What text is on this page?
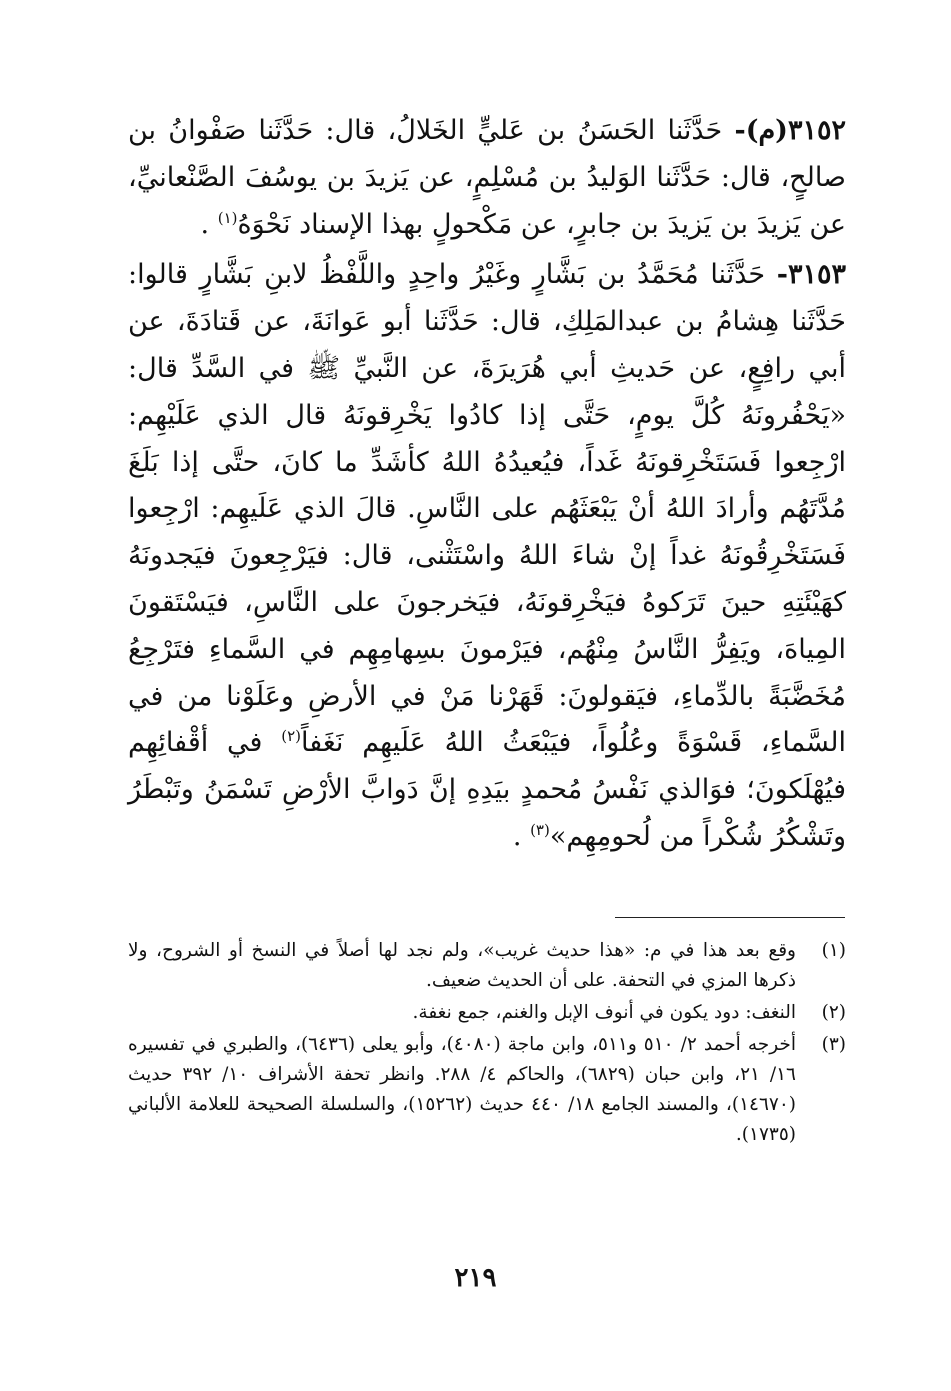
٣١٥٢(م)- حَدَّثَنا الحَسَنُ بن عَليٍّ الخَلالُ، قال: حَدَّثَنا صَفْوانُ بن صالحٍ، قال: حَدَّثَنا الوَليدُ بن مُسْلِمٍ، عن يَزيدَ بن يوسُفَ الصَّنْعانيِّ، عن يَزيدَ بن يَزيدَ بن جابرٍ، عن مَكْحولٍ بهذا الإسناد نَحْوَهُ$^{(١)}$ .

٣١٥٣- حَدَّثَنا مُحَمَّدُ بن بَشَّارٍ وغَيْرُ واحِدٍ واللَّفْظُ لابنِ بَشَّارٍ قالوا: حَدَّثَنا هِشامُ بن عبدالمَلِكِ، قال: حَدَّثَنا أبو عَوانَةَ، عن قَتادَةَ، عن أبي رافِعٍ، عن حَديثِ أبي هُرَيرَةَ، عن النَّبيِّ ﷺ في السَّدِّ قال: «يَحْفُرونَهُ كُلَّ يومٍ، حَتَّى إذا كادُوا يَخْرِقونَهُ قال الذي عَلَيْهِم: ارْجِعوا فَسَتَخْرِقونَهُ غَداً، فيُعيدُهُ اللهُ كأشَدِّ ما كانَ، حتَّى إذا بَلَغَ مُدَّتَهُم وأرادَ اللهُ أنْ يَبْعَثَهُم على النَّاسِ. قالَ الذي عَلَيهِم: ارْجِعوا فَسَتَخْرِقُونَهُ غداً إنْ شاءَ اللهُ واسْتَثْنى، قال: فيَرْجِعونَ فيَجدونَهُ كهَيْئَتِهِ حينَ تَرَكوهُ فيَخْرِقونَهُ، فيَخرجونَ على النَّاسِ، فيَسْتَقونَ المِياهَ، ويَفِرُّ النَّاسُ مِنْهُم، فيَرْمونَ بسِهامِهِم في السَّماءِ فتَرْجِعُ مُخَضَّبَةً بالدِّماءِ، فيَقولونَ: قَهَرْنا مَنْ في الأرضِ وعَلَوْنا من في السَّماءِ، قَسْوَةً وعُلُواً، فيَبْعَثُ اللهُ عَلَيهِم نَغَفاً$^{(٢)}$ في أقْفائِهِم فيُهْلَكونَ؛ فوَالذي نَفْسُ مُحمدٍ بيَدِهِ إنَّ دَوابَّ الأرْضِ تَسْمَنُ وتَبْطَرُ وتَشْكُرُ شُكْراً من لُحومِهِم»$^{(٣)}$ .

(١)
وقع بعد هذا في م: «هذا حديث غريب»، ولم نجد لها أصلاً في النسخ أو الشروح، ولا ذكرها المزي في التحفة. على أن الحديث ضعيف.
(٢)
النغف: دود يكون في أنوف الإبل والغنم، جمع نغفة.
(٣)
أخرجه أحمد ٢/ ٥١٠ و٥١١، وابن ماجة (٤٠٨٠)، وأبو يعلى (٦٤٣٦)، والطبري في تفسيره ١٦/ ٢١، وابن حبان (٦٨٢٩)، والحاكم ٤/ ٢٨٨. وانظر تحفة الأشراف ١٠/ ٣٩٢ حديث (١٤٦٧٠)، والمسند الجامع ١٨/ ٤٤٠ حديث (١٥٢٦٢)، والسلسلة الصحيحة للعلامة الألباني (١٧٣٥).
٢١٩
